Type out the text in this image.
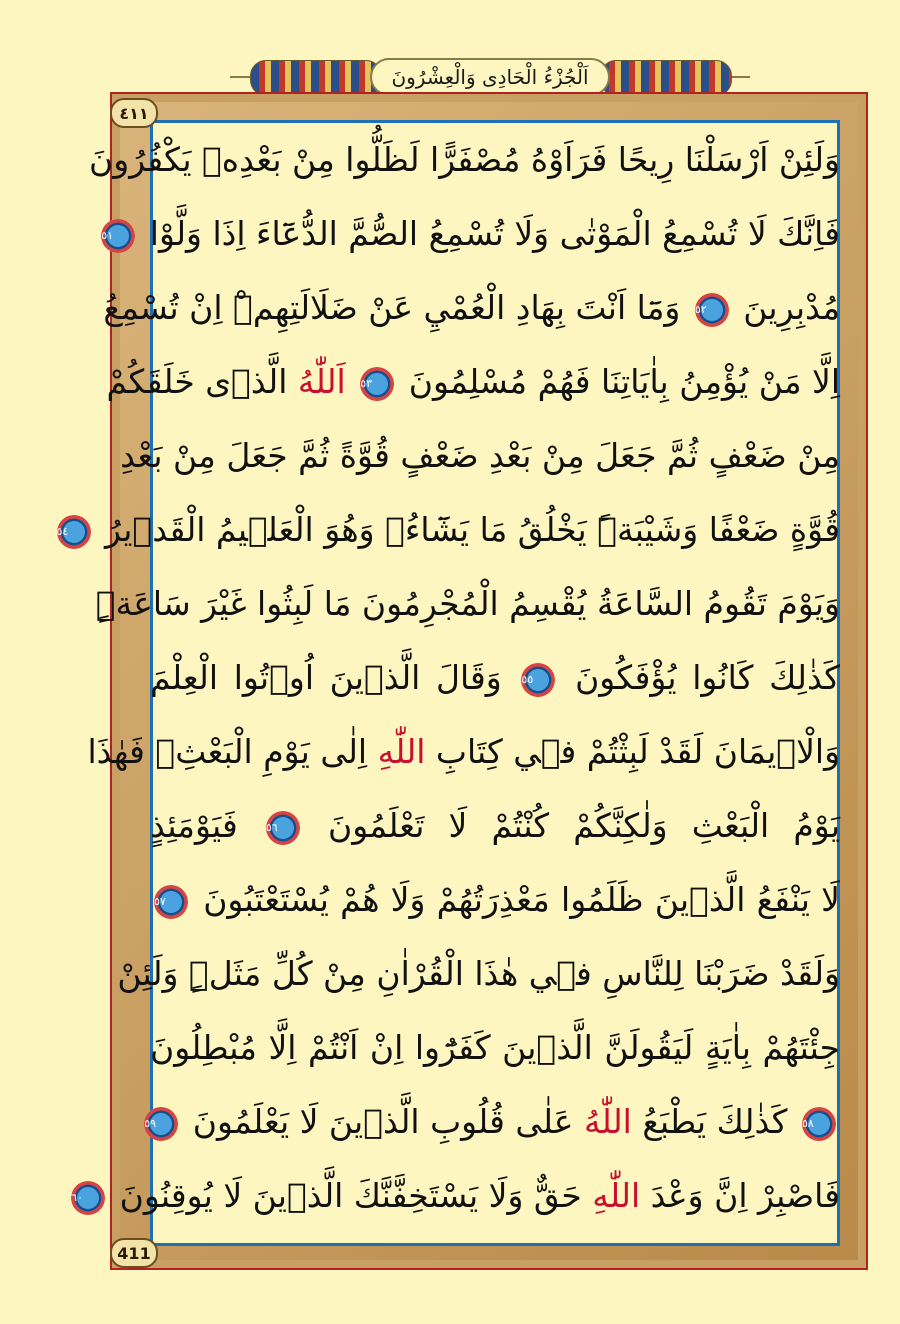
اَلْجُزْءُ الْحَادِى وَالْعِشْرُونَ
٤١١
411
وَلَئِنْ اَرْسَلْنَا رِيحًا فَرَاَوْهُ مُصْفَرًّا لَظَلُّوا مِنْ بَعْدِهٖ يَكْفُرُونَ
فَاِنَّكَ لَا تُسْمِعُ الْمَوْتٰى وَلَا تُسْمِعُ الصُّمَّ الدُّعَٓاءَ اِذَا وَلَّوْا ٥١
مُدْبِرِينَ ٥٢ وَمَٓا اَنْتَ بِهَادِ الْعُمْيِ عَنْ ضَلَالَتِهِمْۜ اِنْ تُسْمِعُ
اِلَّا مَنْ يُؤْمِنُ بِاٰيَاتِنَا فَهُمْ مُسْلِمُونَ ٥٣ اَللّٰهُ الَّذ۪ى خَلَقَكُمْ
مِنْ ضَعْفٍ ثُمَّ جَعَلَ مِنْ بَعْدِ ضَعْفٍ قُوَّةً ثُمَّ جَعَلَ مِنْ بَعْدِ
قُوَّةٍ ضَعْفًا وَشَيْبَةًۜ يَخْلُقُ مَا يَشَٓاءُۚ وَهُوَ الْعَل۪يمُ الْقَد۪يرُ ٥٤
وَيَوْمَ تَقُومُ السَّاعَةُ يُقْسِمُ الْمُجْرِمُونَ مَا لَبِثُوا غَيْرَ سَاعَةٍۜ
كَذٰلِكَ كَانُوا يُؤْفَكُونَ ٥٥ وَقَالَ الَّذ۪ينَ اُو۫تُوا الْعِلْمَ
وَالْا۪يمَانَ لَقَدْ لَبِثْتُمْ ف۪ي كِتَابِ اللّٰهِ اِلٰى يَوْمِ الْبَعْثِۘ فَهٰذَا
يَوْمُ الْبَعْثِ وَلٰكِنَّكُمْ كُنْتُمْ لَا تَعْلَمُونَ ٥٦ فَيَوْمَئِذٍ
لَا يَنْفَعُ الَّذ۪ينَ ظَلَمُوا مَعْذِرَتُهُمْ وَلَا هُمْ يُسْتَعْتَبُونَ ٥٧
وَلَقَدْ ضَرَبْنَا لِلنَّاسِ ف۪ي هٰذَا الْقُرْاٰنِ مِنْ كُلِّ مَثَلٍۜ وَلَئِنْ
جِئْتَهُمْ بِاٰيَةٍ لَيَقُولَنَّ الَّذ۪ينَ كَفَرُٓوا اِنْ اَنْتُمْ اِلَّا مُبْطِلُونَ
٥٨ كَذٰلِكَ يَطْبَعُ اللّٰهُ عَلٰى قُلُوبِ الَّذ۪ينَ لَا يَعْلَمُونَ ٥٩
فَاصْبِرْ اِنَّ وَعْدَ اللّٰهِ حَقٌّ وَلَا يَسْتَخِفَّنَّكَ الَّذ۪ينَ لَا يُوقِنُونَ ٦٠
